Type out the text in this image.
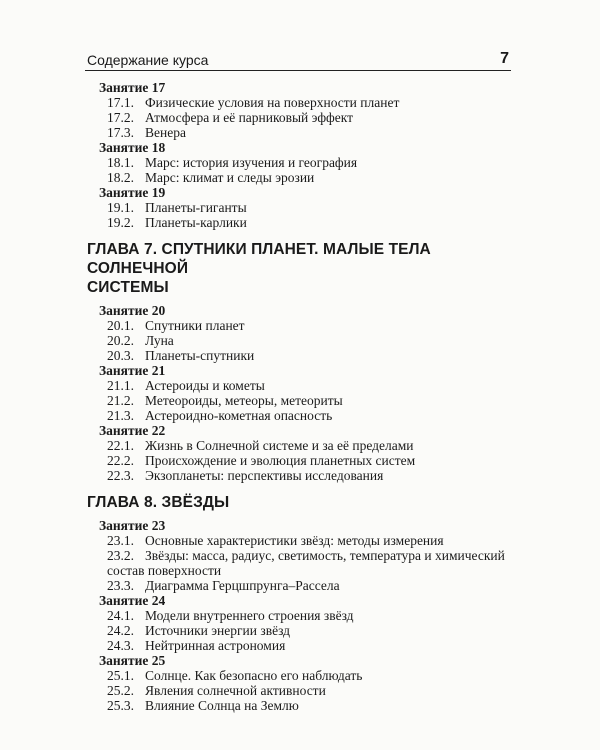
Содержание курса	7
Занятие 17
17.1. Физические условия на поверхности планет
17.2. Атмосфера и её парниковый эффект
17.3. Венера
Занятие 18
18.1. Марс: история изучения и география
18.2. Марс: климат и следы эрозии
Занятие 19
19.1. Планеты-гиганты
19.2. Планеты-карлики
ГЛАВА 7. СПУТНИКИ ПЛАНЕТ. МАЛЫЕ ТЕЛА СОЛНЕЧНОЙ
СИСТЕМЫ
Занятие 20
20.1. Спутники планет
20.2. Луна
20.3. Планеты-спутники
Занятие 21
21.1. Астероиды и кометы
21.2. Метеороиды, метеоры, метеориты
21.3. Астероидно-кометная опасность
Занятие 22
22.1. Жизнь в Солнечной системе и за её пределами
22.2. Происхождение и эволюция планетных систем
22.3. Экзопланеты: перспективы исследования
ГЛАВА 8. ЗВЁЗДЫ
Занятие 23
23.1. Основные характеристики звёзд: методы измерения
23.2. Звёзды: масса, радиус, светимость, температура и химический
состав поверхности
23.3. Диаграмма Герцшпрунга–Рассела
Занятие 24
24.1. Модели внутреннего строения звёзд
24.2. Источники энергии звёзд
24.3. Нейтринная астрономия
Занятие 25
25.1. Солнце. Как безопасно его наблюдать
25.2. Явления солнечной активности
25.3. Влияние Солнца на Землю
